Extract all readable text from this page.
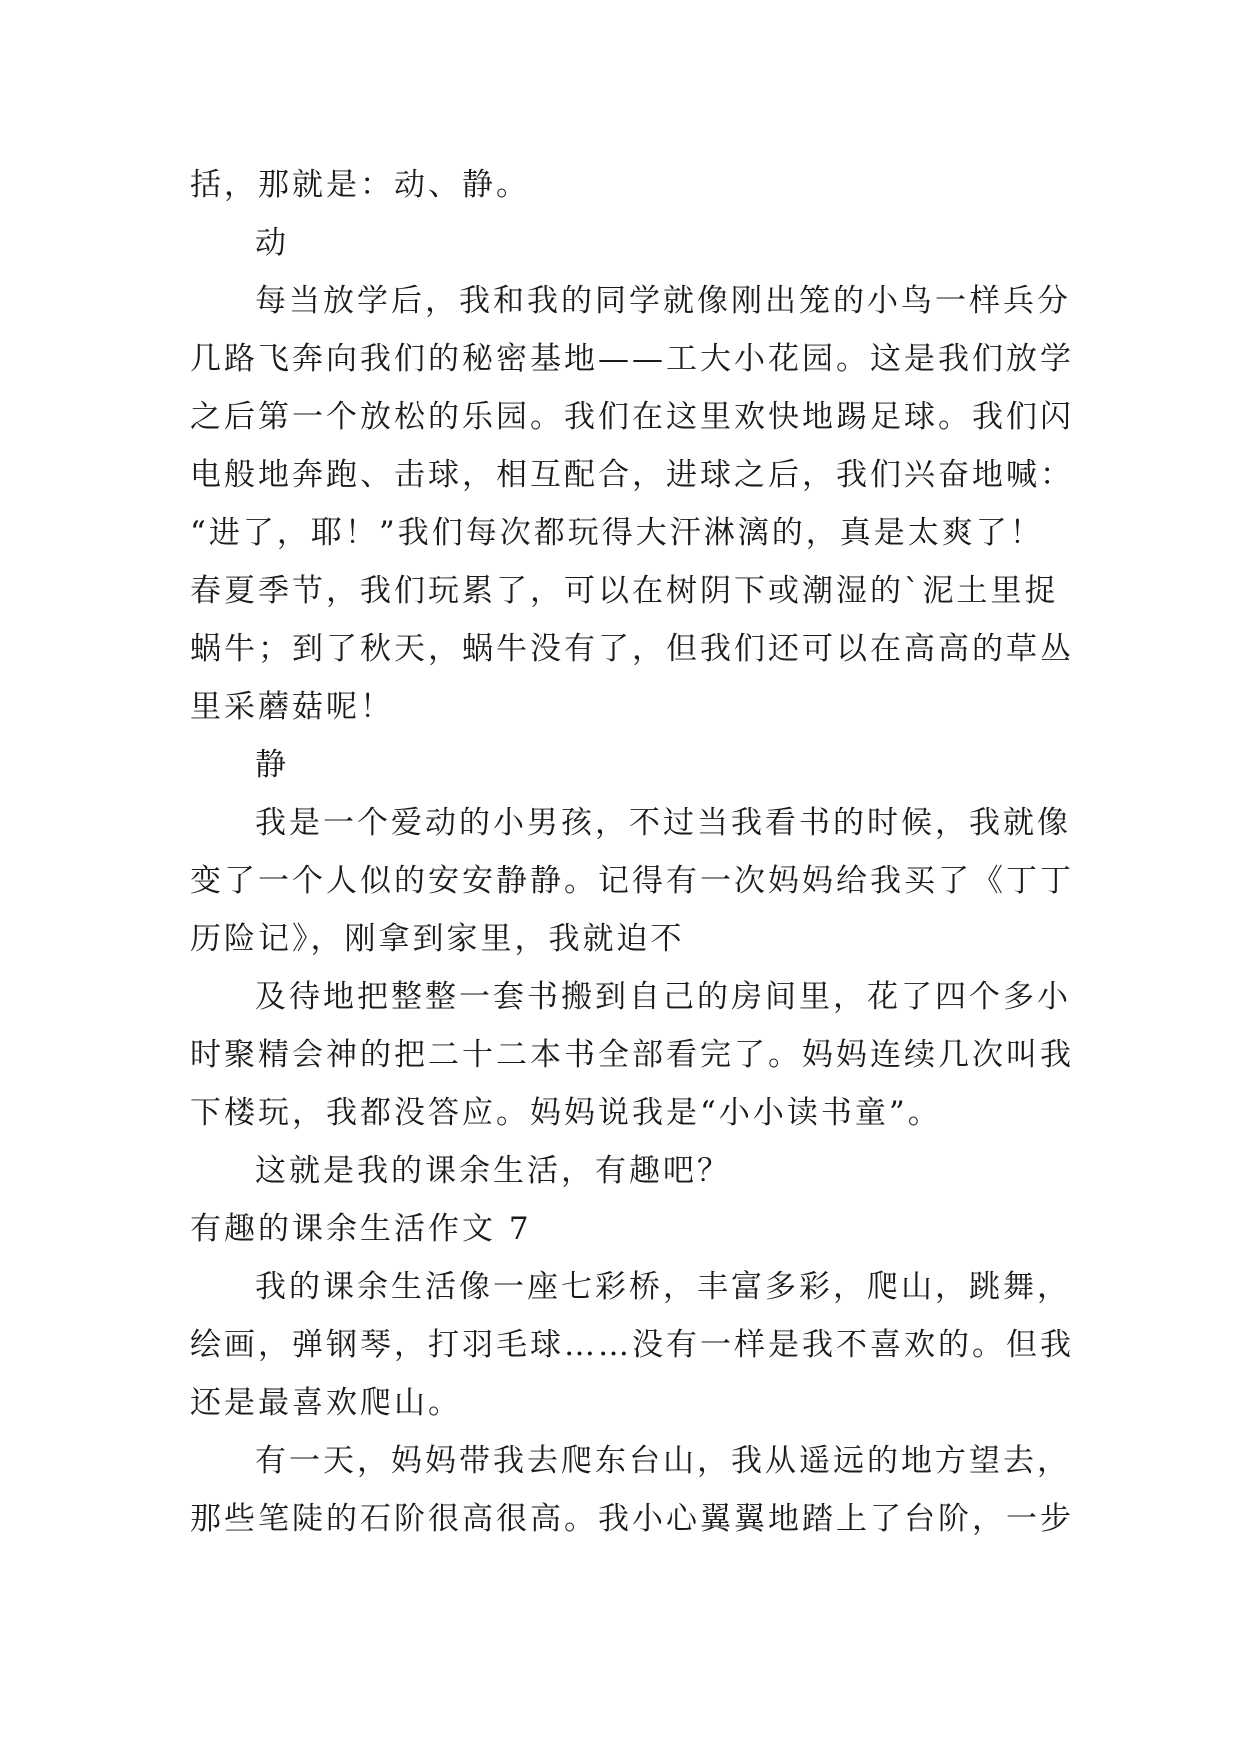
括，那就是：动、静。
动
每当放学后，我和我的同学就像刚出笼的小鸟一样兵分
几路飞奔向我们的秘密基地——工大小花园。这是我们放学
之后第一个放松的乐园。我们在这里欢快地踢足球。我们闪
电般地奔跑、击球，相互配合，进球之后，我们兴奋地喊：
“进了，耶！”我们每次都玩得大汗淋漓的，真是太爽了！
春夏季节，我们玩累了，可以在树阴下或潮湿的`泥土里捉
蜗牛；到了秋天，蜗牛没有了，但我们还可以在高高的草丛
里采蘑菇呢！
静
我是一个爱动的小男孩，不过当我看书的时候，我就像
变了一个人似的安安静静。记得有一次妈妈给我买了《丁丁
历险记》，刚拿到家里，我就迫不
及待地把整整一套书搬到自己的房间里，花了四个多小
时聚精会神的把二十二本书全部看完了。妈妈连续几次叫我
下楼玩，我都没答应。妈妈说我是“小小读书童”。
这就是我的课余生活，有趣吧？
有趣的课余生活作文 7
我的课余生活像一座七彩桥，丰富多彩，爬山，跳舞，
绘画，弹钢琴，打羽毛球……没有一样是我不喜欢的。但我
还是最喜欢爬山。
有一天，妈妈带我去爬东台山，我从遥远的地方望去，
那些笔陡的石阶很高很高。我小心翼翼地踏上了台阶，一步
